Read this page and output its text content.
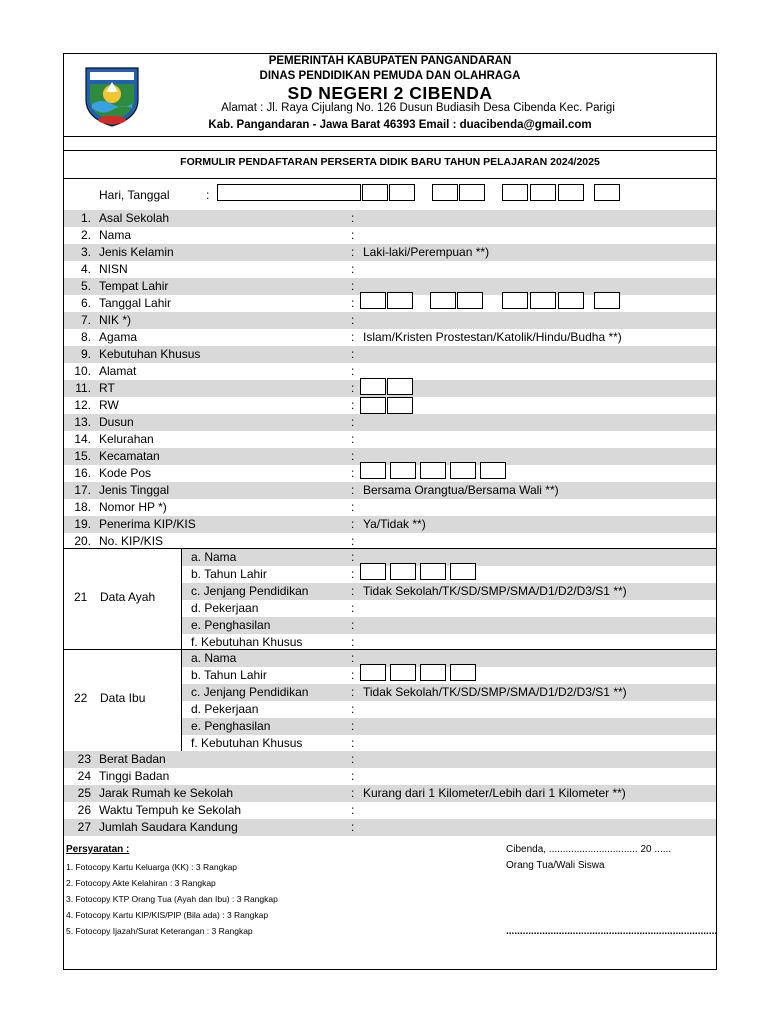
PEMERINTAH KABUPATEN PANGANDARAN
DINAS PENDIDIKAN PEMUDA DAN OLAHRAGA
SD NEGERI 2 CIBENDA
Alamat : Jl. Raya Cijulang No. 126 Dusun Budiasih Desa Cibenda Kec. Parigi
Kab. Pangandaran - Jawa Barat 46393 Email : duacibenda@gmail.com
FORMULIR PENDAFTARAN PERSERTA DIDIK BARU TAHUN PELAJARAN 2024/2025
Hari, Tanggal	:
1. Asal Sekolah	:
2. Nama	:
3. Jenis Kelamin	: Laki-laki/Perempuan **)
4. NISN	:
5. Tempat Lahir	:
6. Tanggal Lahir	:
7. NIK *)	:
8. Agama	: Islam/Kristen Prostestan/Katolik/Hindu/Budha **)
9. Kebutuhan Khusus	:
10. Alamat	:
11. RT	:
12. RW	:
13. Dusun	:
14. Kelurahan	:
15. Kecamatan	:
16. Kode Pos	:
17. Jenis Tinggal	: Bersama Orangtua/Bersama Wali **)
18. Nomor HP *)	:
19. Penerima KIP/KIS	: Ya/Tidak **)
20. No. KIP/KIS	:
21 Data Ayah
a. Nama	:
b. Tahun Lahir	:
c. Jenjang Pendidikan	: Tidak Sekolah/TK/SD/SMP/SMA/D1/D2/D3/S1 **)
d. Pekerjaan	:
e. Penghasilan	:
f. Kebutuhan Khusus	:
22 Data Ibu
a. Nama	:
b. Tahun Lahir	:
c. Jenjang Pendidikan	: Tidak Sekolah/TK/SD/SMP/SMA/D1/D2/D3/S1 **)
d. Pekerjaan	:
e. Penghasilan	:
f. Kebutuhan Khusus	:
23 Berat Badan	:
24 Tinggi Badan	:
25 Jarak Rumah ke Sekolah	: Kurang dari 1 Kilometer/Lebih dari 1 Kilometer **)
26 Waktu Tempuh ke Sekolah	:
27 Jumlah Saudara Kandung	:
Persyaratan :
1. Fotocopy Kartu Keluarga (KK) : 3 Rangkap
2. Fotocopy Akte Kelahiran : 3 Rangkap
3. Fotocopy KTP Orang Tua (Ayah dan Ibu) : 3 Rangkap
4. Fotocopy Kartu KIP/KIS/PIP (Bila ada) : 3 Rangkap
5. Fotocopy Ijazah/Surat Keterangan : 3 Rangkap
Cibenda, ................................ 20 ......
Orang Tua/Wali Siswa
............................................................................
